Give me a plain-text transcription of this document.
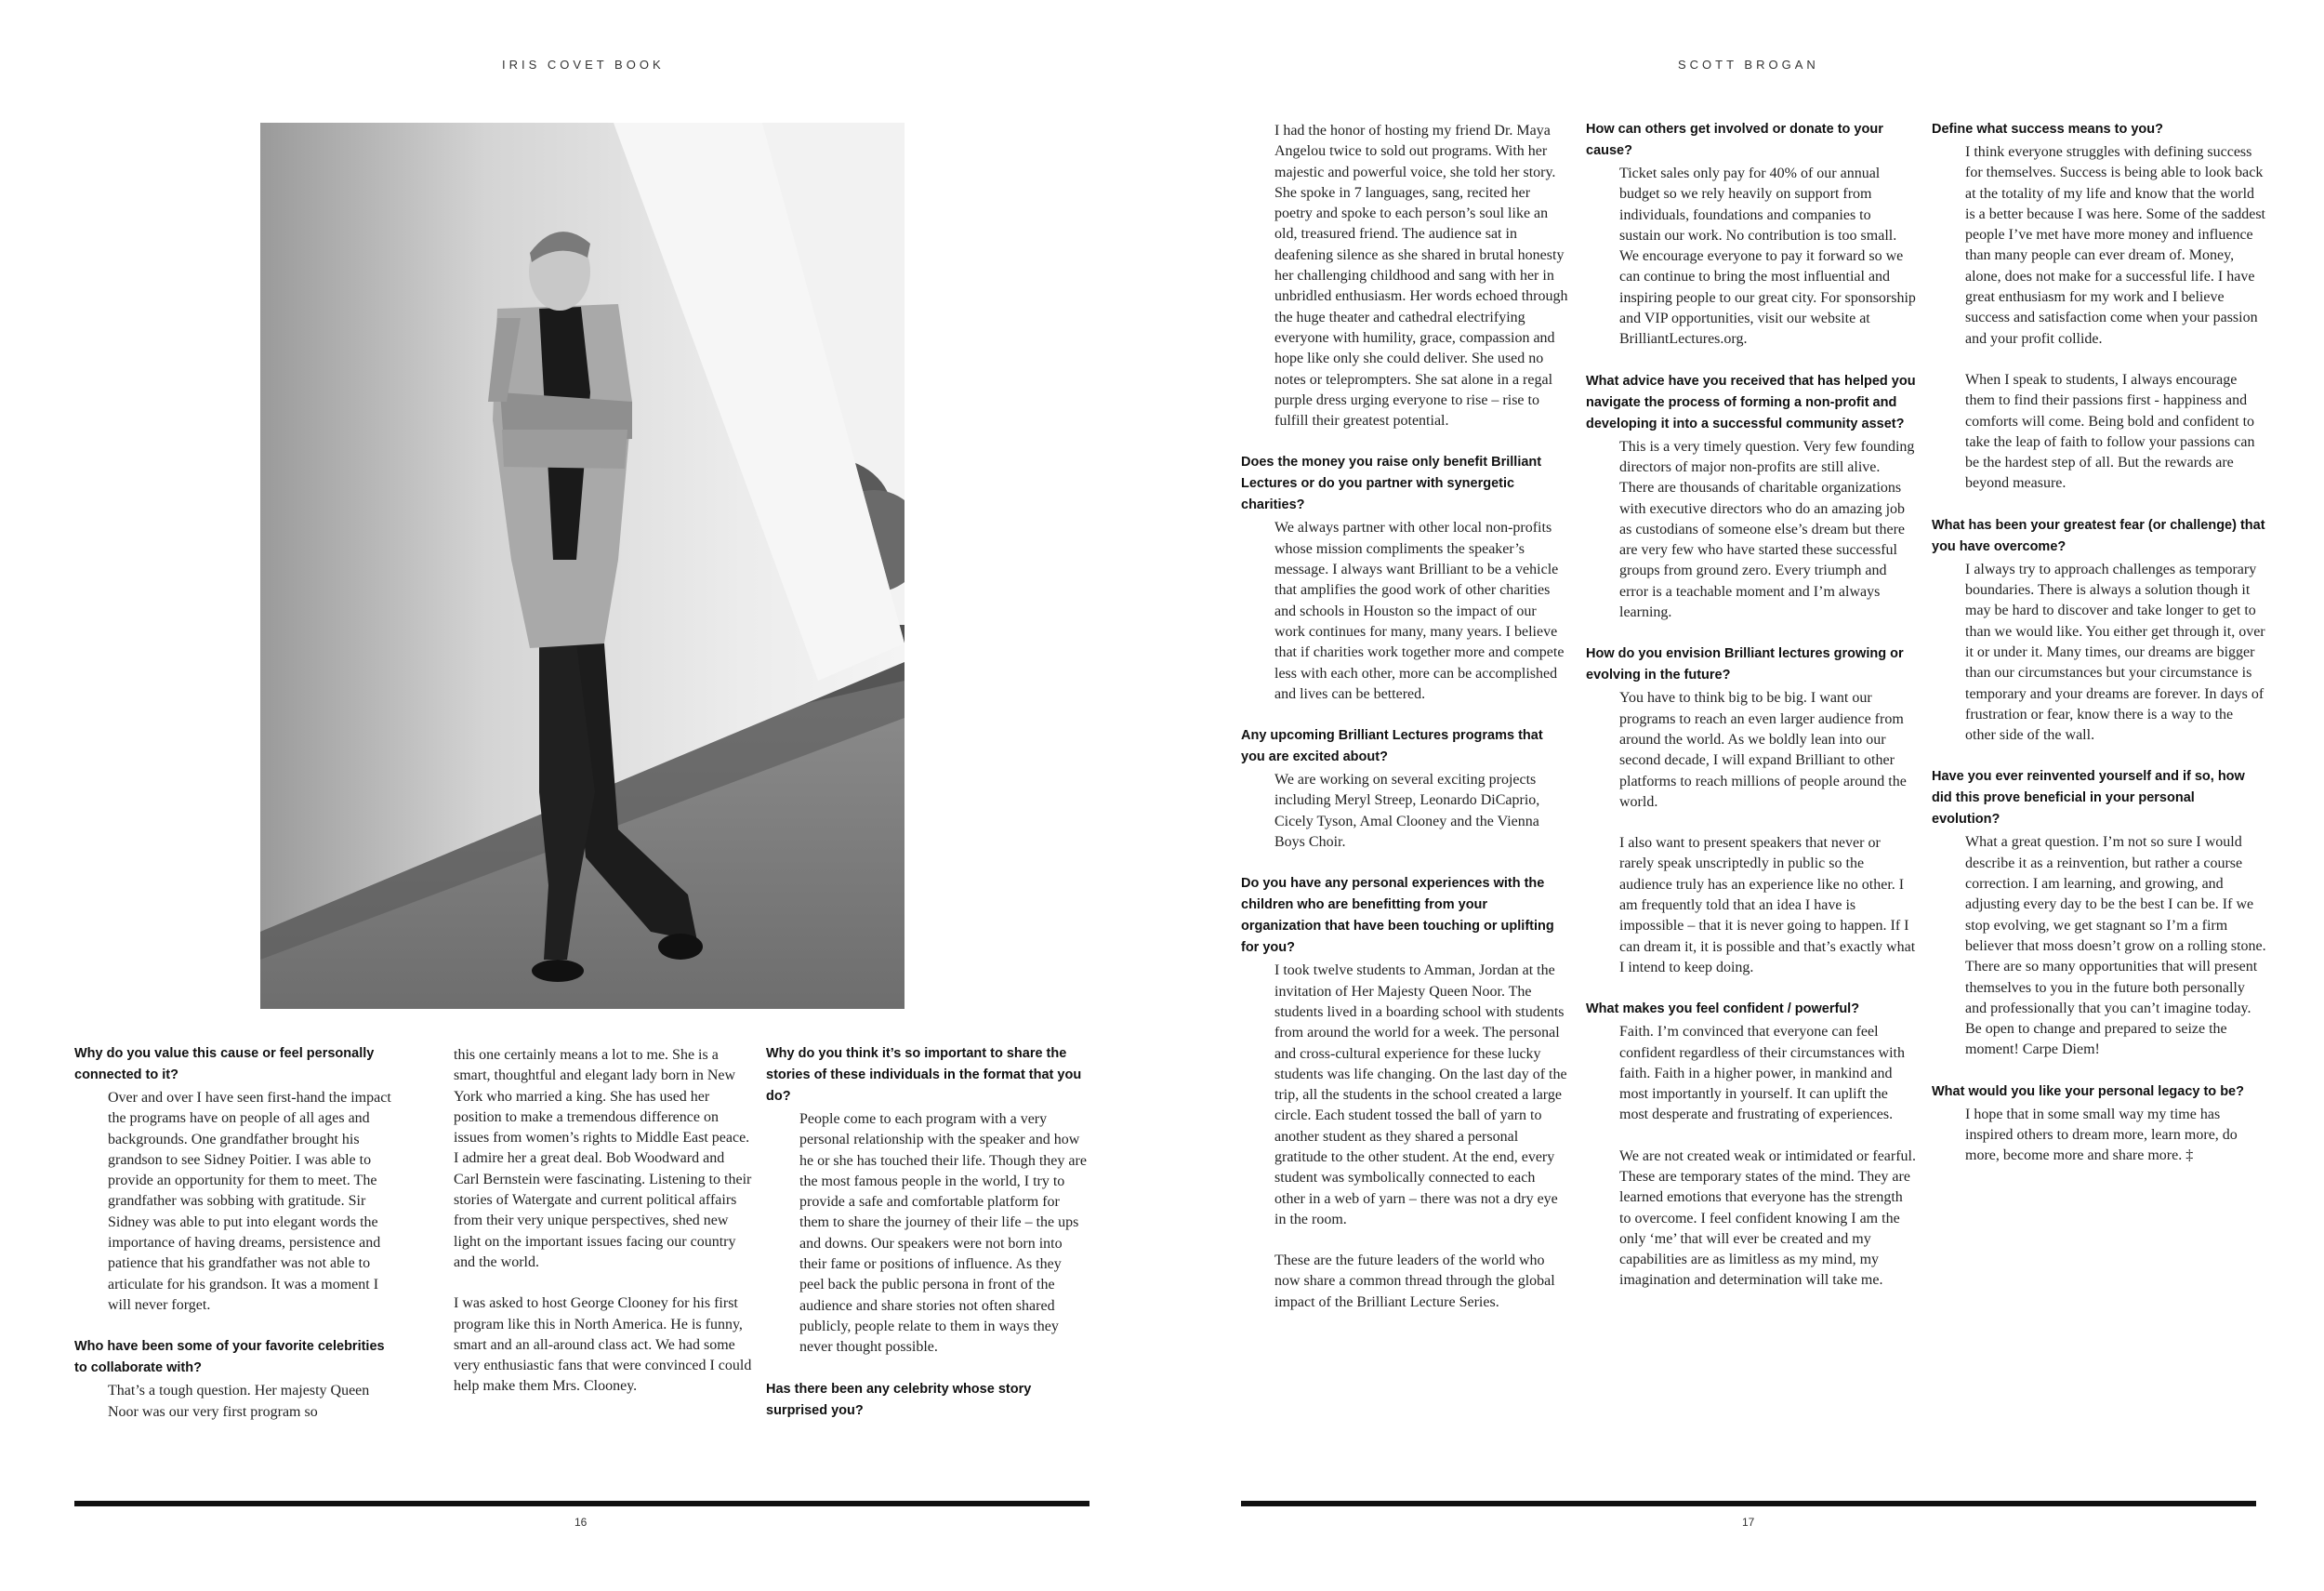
IRIS COVET BOOK
Why do you value this cause or feel personally connected to it?
Over and over I have seen first-hand the impact the programs have on people of all ages and backgrounds. One grandfather brought his grandson to see Sidney Poitier. I was able to provide an opportunity for them to meet. The grandfather was sobbing with gratitude. Sir Sidney was able to put into elegant words the importance of having dreams, persistence and patience that his grandfather was not able to articulate for his grandson. It was a moment I will never forget.
Who have been some of your favorite celebrities to collaborate with?
That’s a tough question. Her majesty Queen Noor was our very first program so
this one certainly means a lot to me. She is a smart, thoughtful and elegant lady born in New York who married a king. She has used her position to make a tremendous difference on issues from women’s rights to Middle East peace. I admire her a great deal. Bob Woodward and Carl Bernstein were fascinating. Listening to their stories of Watergate and current political affairs from their very unique perspectives, shed new light on the important issues facing our country and the world.
I was asked to host George Clooney for his first program like this in North America. He is funny, smart and an all-around class act. We had some very enthusiastic fans that were convinced I could help make them Mrs. Clooney.
Why do you think it’s so important to share the stories of these individuals in the format that you do?
People come to each program with a very personal relationship with the speaker and how he or she has touched their life. Though they are the most famous people in the world, I try to provide a safe and comfortable platform for them to share the journey of their life – the ups and downs. Our speakers were not born into their fame or positions of influence. As they peel back the public persona in front of the audience and share stories not often shared publicly, people relate to them in ways they never thought possible.
Has there been any celebrity whose story surprised you?
16
SCOTT BROGAN
I had the honor of hosting my friend Dr. Maya Angelou twice to sold out programs. With her majestic and powerful voice, she told her story. She spoke in 7 languages, sang, recited her poetry and spoke to each person’s soul like an old, treasured friend. The audience sat in deafening silence as she shared in brutal honesty her challenging childhood and sang with her in unbridled enthusiasm. Her words echoed through the huge theater and cathedral electrifying everyone with humility, grace, compassion and hope like only she could deliver. She used no notes or teleprompters. She sat alone in a regal purple dress urging everyone to rise – rise to fulfill their greatest potential.
Does the money you raise only benefit Brilliant Lectures or do you partner with synergetic charities?
We always partner with other local non-profits whose mission compliments the speaker’s message. I always want Brilliant to be a vehicle that amplifies the good work of other charities and schools in Houston so the impact of our work continues for many, many years. I believe that if charities work together more and compete less with each other, more can be accomplished and lives can be bettered.
Any upcoming Brilliant Lectures programs that you are excited about?
We are working on several exciting projects including Meryl Streep, Leonardo DiCaprio, Cicely Tyson, Amal Clooney and the Vienna Boys Choir.
Do you have any personal experiences with the children who are benefitting from your organization that have been touching or uplifting for you?
I took twelve students to Amman, Jordan at the invitation of Her Majesty Queen Noor. The students lived in a boarding school with students from around the world for a week. The personal and cross-cultural experience for these lucky students was life changing. On the last day of the trip, all the students in the school created a large circle. Each student tossed the ball of yarn to another student as they shared a personal gratitude to the other student. At the end, every student was symbolically connected to each other in a web of yarn – there was not a dry eye in the room.
These are the future leaders of the world who now share a common thread through the global impact of the Brilliant Lecture Series.
How can others get involved or donate to your cause?
Ticket sales only pay for 40% of our annual budget so we rely heavily on support from individuals, foundations and companies to sustain our work. No contribution is too small. We encourage everyone to pay it forward so we can continue to bring the most influential and inspiring people to our great city. For sponsorship and VIP opportunities, visit our website at BrilliantLectures.org.
What advice have you received that has helped you navigate the process of forming a non-profit and developing it into a successful community asset?
This is a very timely question. Very few founding directors of major non-profits are still alive. There are thousands of charitable organizations with executive directors who do an amazing job as custodians of someone else’s dream but there are very few who have started these successful groups from ground zero. Every triumph and error is a teachable moment and I’m always learning.
How do you envision Brilliant lectures growing or evolving in the future?
You have to think big to be big. I want our programs to reach an even larger audience from around the world. As we boldly lean into our second decade, I will expand Brilliant to other platforms to reach millions of people around the world.
I also want to present speakers that never or rarely speak unscriptedly in public so the audience truly has an experience like no other. I am frequently told that an idea I have is impossible – that it is never going to happen. If I can dream it, it is possible and that’s exactly what I intend to keep doing.
What makes you feel confident / powerful?
Faith. I’m convinced that everyone can feel confident regardless of their circumstances with faith. Faith in a higher power, in mankind and most importantly in yourself. It can uplift the most desperate and frustrating of experiences.
We are not created weak or intimidated or fearful. These are temporary states of the mind. They are learned emotions that everyone has the strength to overcome. I feel confident knowing I am the only ‘me’ that will ever be created and my capabilities are as limitless as my mind, my imagination and determination will take me.
Define what success means to you?
I think everyone struggles with defining success for themselves. Success is being able to look back at the totality of my life and know that the world is a better because I was here. Some of the saddest people I’ve met have more money and influence than many people can ever dream of. Money, alone, does not make for a successful life. I have great enthusiasm for my work and I believe success and satisfaction come when your passion and your profit collide.
When I speak to students, I always encourage them to find their passions first - happiness and comforts will come. Being bold and confident to take the leap of faith to follow your passions can be the hardest step of all. But the rewards are beyond measure.
What has been your greatest fear (or challenge) that you have overcome?
I always try to approach challenges as temporary boundaries. There is always a solution though it may be hard to discover and take longer to get to than we would like. You either get through it, over it or under it. Many times, our dreams are bigger than our circumstances but your circumstance is temporary and your dreams are forever. In days of frustration or fear, know there is a way to the other side of the wall.
Have you ever reinvented yourself and if so, how did this prove beneficial in your personal evolution?
What a great question. I’m not so sure I would describe it as a reinvention, but rather a course correction. I am learning, and growing, and adjusting every day to be the best I can be. If we stop evolving, we get stagnant so I’m a firm believer that moss doesn’t grow on a rolling stone. There are so many opportunities that will present themselves to you in the future both personally and professionally that you can’t imagine today. Be open to change and prepared to seize the moment! Carpe Diem!
What would you like your personal legacy to be?
I hope that in some small way my time has inspired others to dream more, learn more, do more, become more and share more. ‡
17
